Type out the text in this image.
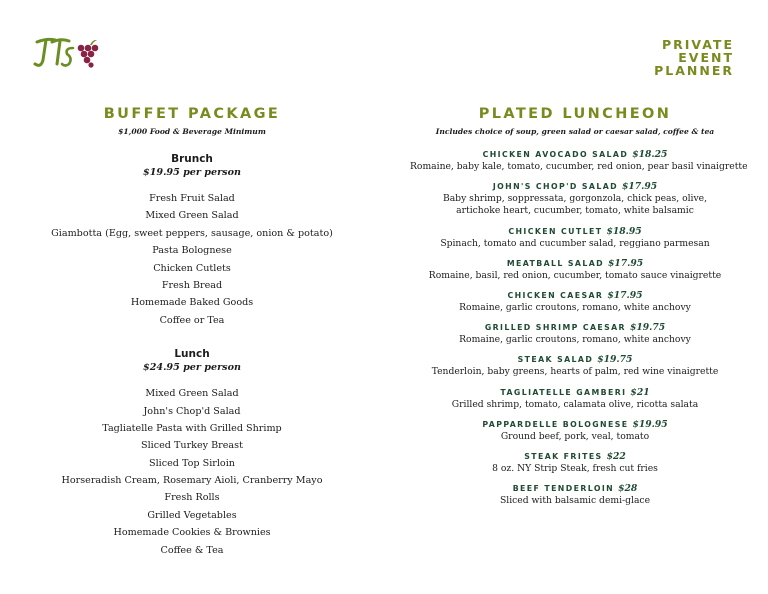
PRIVATE
EVENT
PLANNER
BUFFET PACKAGE
$1,000 Food & Beverage Minimum
Brunch
$19.95 per person
Fresh Fruit Salad
Mixed Green Salad
Giambotta (Egg, sweet peppers, sausage, onion & potato)
Pasta Bolognese
Chicken Cutlets
Fresh Bread
Homemade Baked Goods
Coffee or Tea
Lunch
$24.95 per person
Mixed Green Salad
John's Chop'd Salad
Tagliatelle Pasta with Grilled Shrimp
Sliced Turkey Breast
Sliced Top Sirloin
Horseradish Cream, Rosemary Aioli, Cranberry Mayo
Fresh Rolls
Grilled Vegetables
Homemade Cookies & Brownies
Coffee & Tea
PLATED LUNCHEON
Includes choice of soup, green salad or caesar salad, coffee & tea
CHICKEN AVOCADO SALAD $18.25
Romaine, baby kale, tomato, cucumber, red onion, pear basil vinaigrette
JOHN'S CHOP'D SALAD $17.95
Baby shrimp, soppressata, gorgonzola, chick peas, olive,
artichoke heart, cucumber, tomato, white balsamic
CHICKEN CUTLET $18.95
Spinach, tomato and cucumber salad, reggiano parmesan
MEATBALL SALAD $17.95
Romaine, basil, red onion, cucumber, tomato sauce vinaigrette
CHICKEN CAESAR $17.95
Romaine, garlic croutons, romano, white anchovy
GRILLED SHRIMP CAESAR $19.75
Romaine, garlic croutons, romano, white anchovy
STEAK SALAD $19.75
Tenderloin, baby greens, hearts of palm, red wine vinaigrette
TAGLIATELLE GAMBERI $21
Grilled shrimp, tomato, calamata olive, ricotta salata
PAPPARDELLE BOLOGNESE $19.95
Ground beef, pork, veal, tomato
STEAK FRITES $22
8 oz. NY Strip Steak, fresh cut fries
BEEF TENDERLOIN $28
Sliced with balsamic demi-glace
